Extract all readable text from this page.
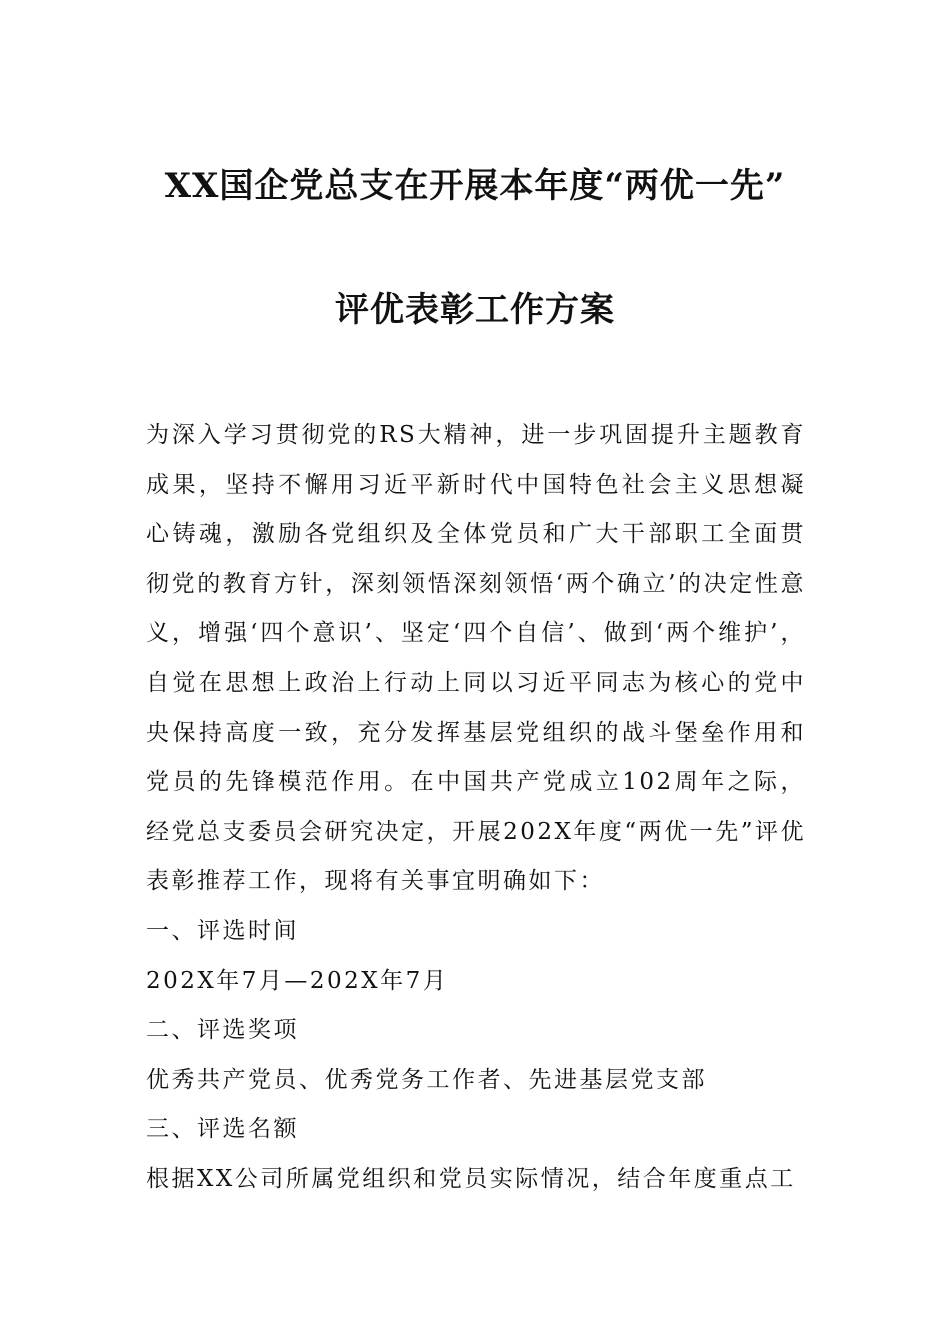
XX国企党总支在开展本年度“两优一先”
评优表彰工作方案

为深入学习贯彻党的RS大精神，进一步巩固提升主题教育成果，坚持不懈用习近平新时代中国特色社会主义思想凝心铸魂，激励各党组织及全体党员和广大干部职工全面贯彻党的教育方针，深刻领悟深刻领悟‘两个确立’的决定性意义，增强‘四个意识’、坚定‘四个自信’、做到‘两个维护’，自觉在思想上政治上行动上同以习近平同志为核心的党中央保持高度一致，充分发挥基层党组织的战斗堡垒作用和党员的先锋模范作用。在中国共产党成立102周年之际，经党总支委员会研究决定，开展202X年度“两优一先”评优表彰推荐工作，现将有关事宜明确如下：

一、评选时间

202X年7月—202X年7月

二、评选奖项

优秀共产党员、优秀党务工作者、先进基层党支部

三、评选名额

根据XX公司所属党组织和党员实际情况，结合年度重点工
